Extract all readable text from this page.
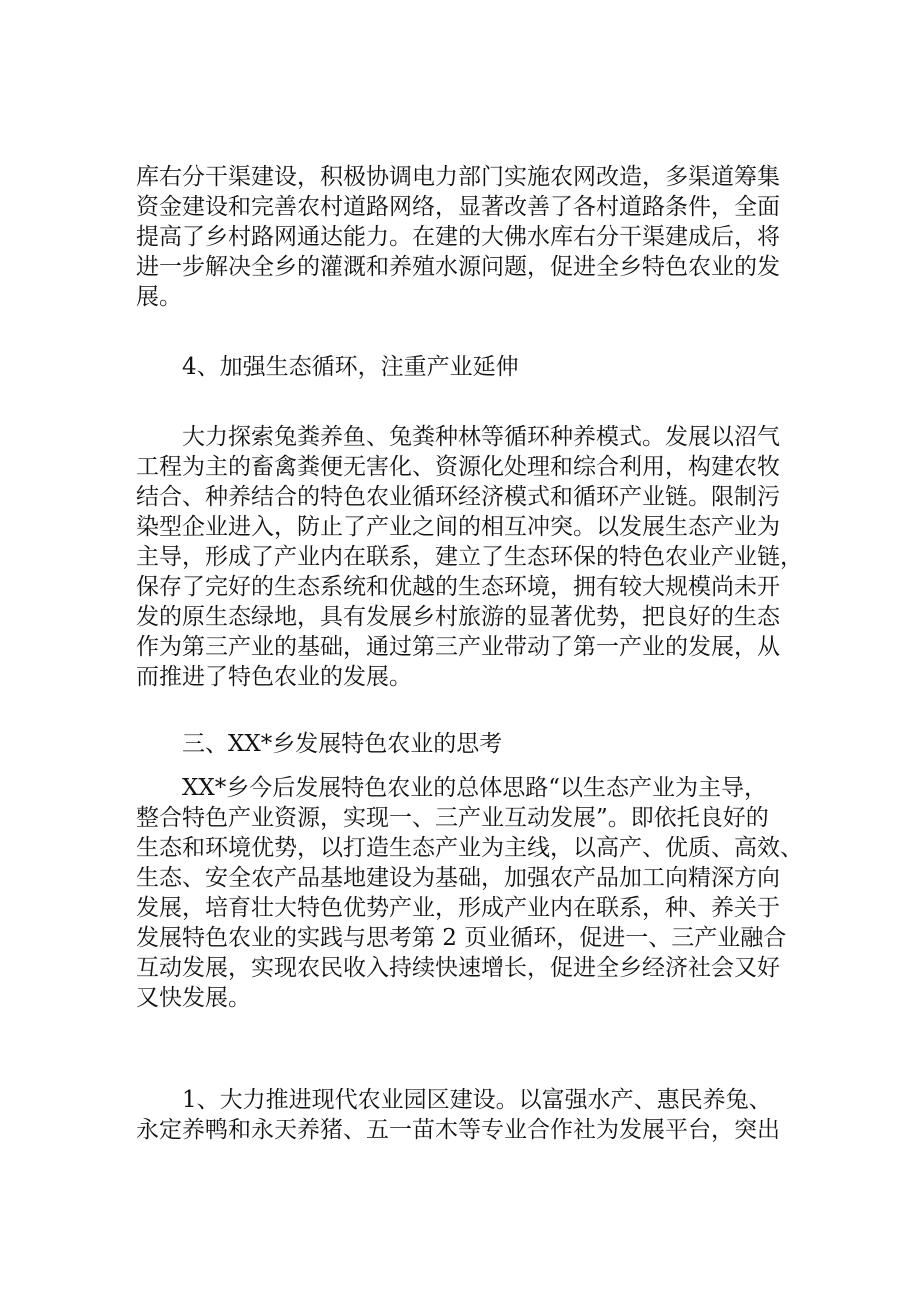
库右分干渠建设，积极协调电力部门实施农网改造，多渠道筹集
资金建设和完善农村道路网络，显著改善了各村道路条件，全面
提高了乡村路网通达能力。在建的大佛水库右分干渠建成后，将
进一步解决全乡的灌溉和养殖水源问题，促进全乡特色农业的发
展。
4、加强生态循环，注重产业延伸
大力探索兔粪养鱼、兔粪种林等循环种养模式。发展以沼气
工程为主的畜禽粪便无害化、资源化处理和综合利用，构建农牧
结合、种养结合的特色农业循环经济模式和循环产业链。限制污
染型企业进入，防止了产业之间的相互冲突。以发展生态产业为
主导，形成了产业内在联系，建立了生态环保的特色农业产业链，
保存了完好的生态系统和优越的生态环境，拥有较大规模尚未开
发的原生态绿地，具有发展乡村旅游的显著优势，把良好的生态
作为第三产业的基础，通过第三产业带动了第一产业的发展，从
而推进了特色农业的发展。
三、XX*乡发展特色农业的思考
XX*乡今后发展特色农业的总体思路“以生态产业为主导，
整合特色产业资源，实现一、三产业互动发展”。即依托良好的
生态和环境优势，以打造生态产业为主线，以高产、优质、高效、
生态、安全农产品基地建设为基础，加强农产品加工向精深方向
发展，培育壮大特色优势产业，形成产业内在联系，种、养关于
发展特色农业的实践与思考第 2 页业循环，促进一、三产业融合
互动发展，实现农民收入持续快速增长，促进全乡经济社会又好
又快发展。
1、大力推进现代农业园区建设。以富强水产、惠民养兔、
永定养鸭和永天养猪、五一苗木等专业合作社为发展平台，突出
